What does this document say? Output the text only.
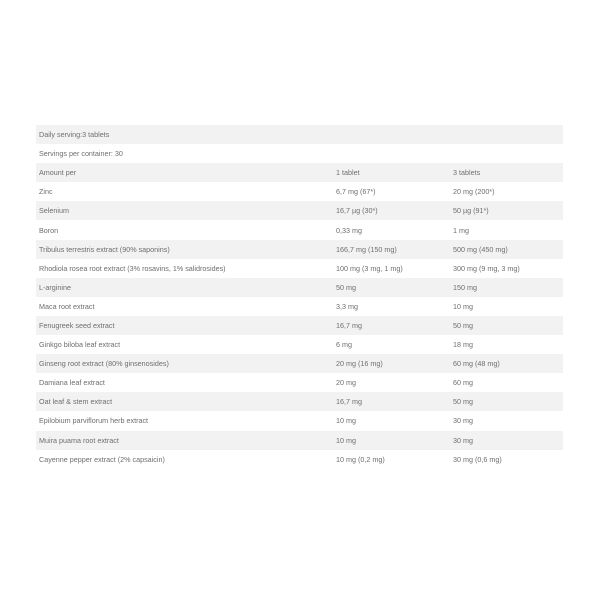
Daily serving:3 tablets		
Servings per container: 30		
Amount per	1 tablet	3 tablets
Zinc	6,7 mg (67*)	20 mg (200*)
Selenium	16,7 µg (30*)	50 µg (91*)
Boron	0,33 mg	1 mg
Tribulus terrestris extract (90% saponins)	166,7 mg (150 mg)	500 mg (450 mg)
Rhodiola rosea root extract (3% rosavins, 1% salidrosides)	100 mg (3 mg, 1 mg)	300 mg (9 mg, 3 mg)
L-arginine	50 mg	150 mg
Maca root extract	3,3 mg	10 mg
Fenugreek seed extract	16,7 mg	50 mg
Ginkgo biloba leaf extract	6 mg	18 mg
Ginseng root extract (80% ginsenosides)	20 mg (16 mg)	60 mg (48 mg)
Damiana leaf extract	20 mg	60 mg
Oat leaf & stem extract	16,7 mg	50 mg
Epilobium parviflorum herb extract	10 mg	30 mg
Muira puama root extract	10 mg	30 mg
Cayenne pepper extract (2% capsaicin)	10 mg (0,2 mg)	30 mg (0,6 mg)
